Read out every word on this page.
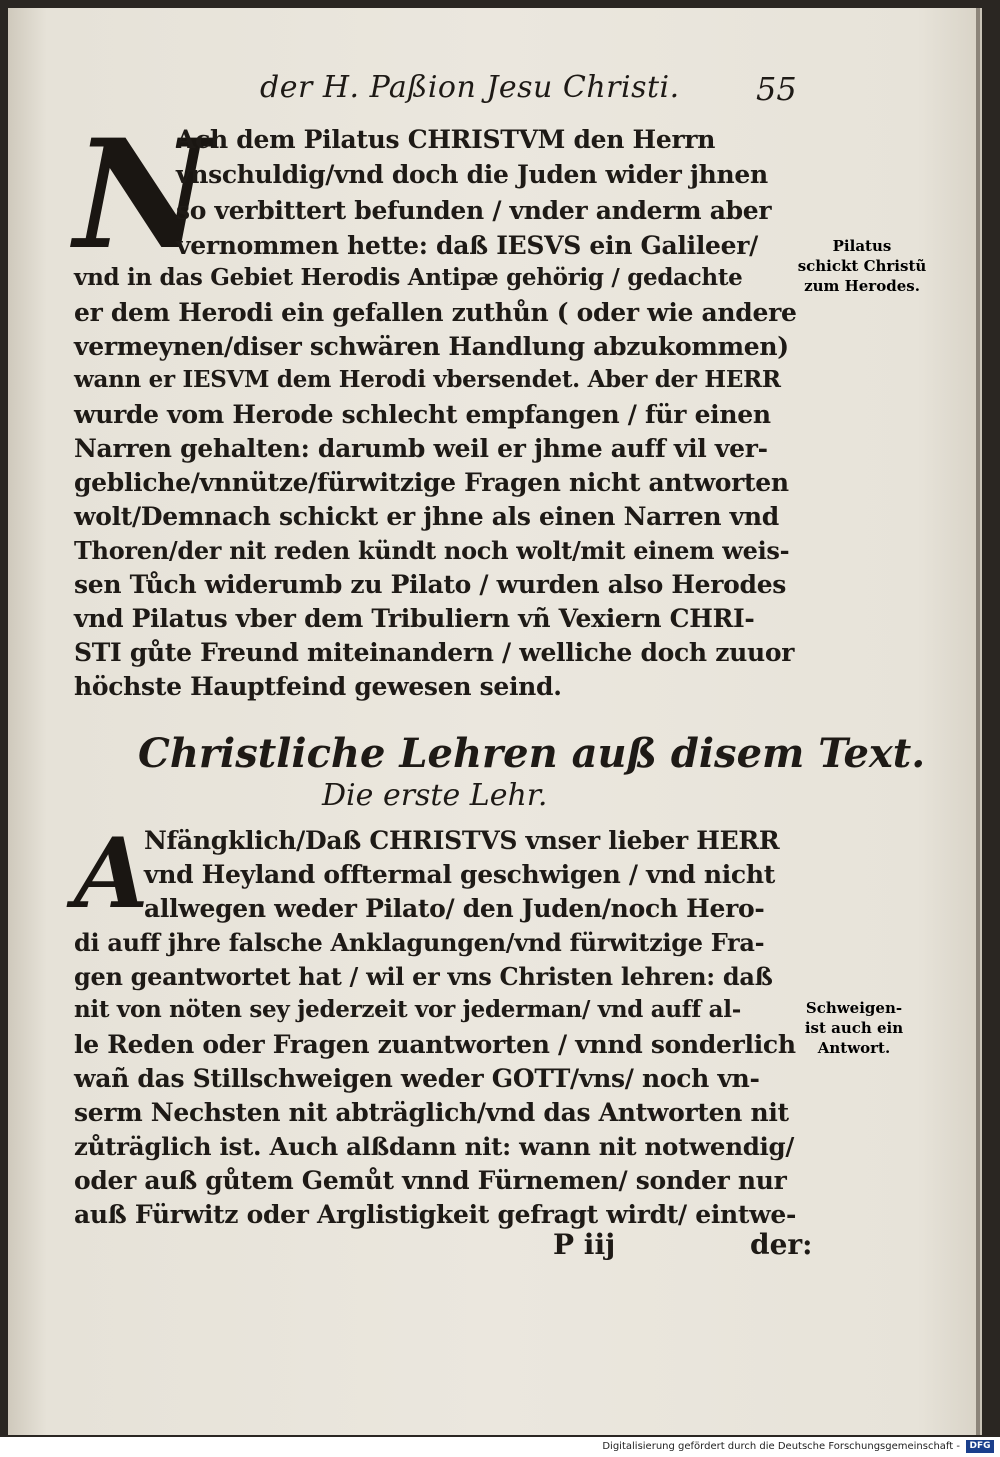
der H. Paßion Jesu Christi. 55
N
Ach dem Pilatus CHRISTVM den Herrn
vnschuldig/vnd doch die Juden wider jhnen
so verbittert befunden / vnder anderm aber
vernommen hette: daß IESVS ein Galileer/
vnd in das Gebiet Herodis Antipæ gehörig / gedachte
er dem Herodi ein gefallen zuthůn ( oder wie andere
vermeynen/diser schwären Handlung abzukommen)
wann er IESVM dem Herodi vbersendet. Aber der HERR
wurde vom Herode schlecht empfangen / für einen
Narren gehalten: darumb weil er jhme auff vil ver-
gebliche/vnnütze/fürwitzige Fragen nicht antworten
wolt/Demnach schickt er jhne als einen Narren vnd
Thoren/der nit reden kündt noch wolt/mit einem weis-
sen Tůch widerumb zu Pilato / wurden also Herodes
vnd Pilatus vber dem Tribuliern vñ Vexiern CHRI-
STI gůte Freund miteinandern / welliche doch zuuor
höchste Hauptfeind gewesen seind.
Pilatus
schickt Christũ
zum Herodes.
Christliche Lehren auß disem Text.
Die erste Lehr.
A
Nfängklich/Daß CHRISTVS vnser lieber HERR
vnd Heyland offtermal geschwigen / vnd nicht
allwegen weder Pilato/ den Juden/noch Hero-
di auff jhre falsche Anklagungen/vnd fürwitzige Fra-
gen geantwortet hat / wil er vns Christen lehren: daß
nit von nöten sey jederzeit vor jederman/ vnd auff al-
le Reden oder Fragen zuantworten / vnnd sonderlich
wañ das Stillschweigen weder GOTT/vns/ noch vn-
serm Nechsten nit abträglich/vnd das Antworten nit
zůträglich ist. Auch alßdann nit: wann nit notwendig/
oder auß gůtem Gemůt vnnd Fürnemen/ sonder nur
auß Fürwitz oder Arglistigkeit gefragt wirdt/ eintwe-
Schweigen-
ist auch ein
Antwort.
P iij	der:
Digitalisierung gefördert durch die Deutsche Forschungsgemeinschaft -	DFG
